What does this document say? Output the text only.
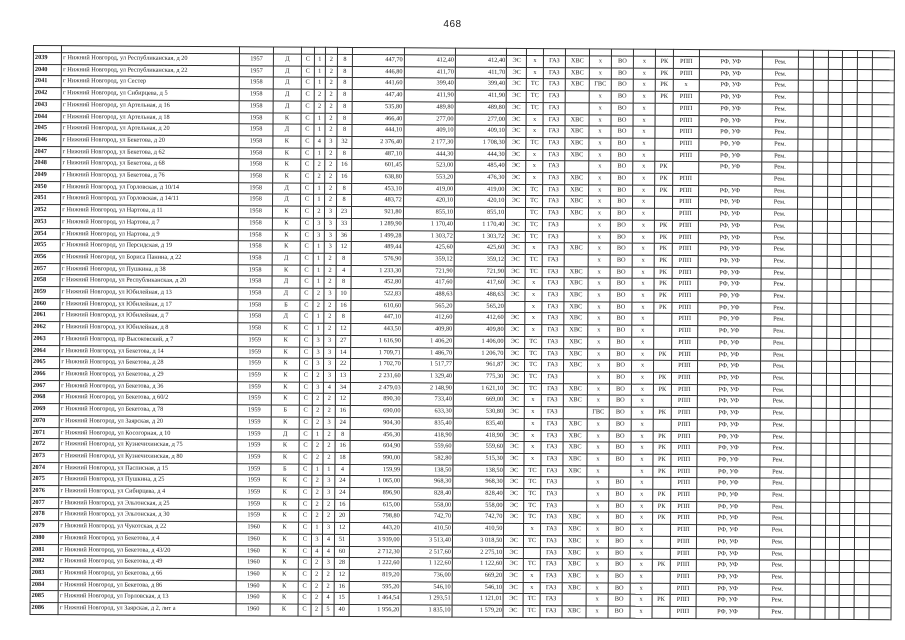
468

2039	г Нижний Новгород, ул Республиканская, д 20	1957	Д	С	1	2	8	447,70	412,40	412,40	ЭС	х	ГАЗ	ХВС	х	ВО	х	РК	РПП	РФ, УФ	Рем.						
2040	г Нижний Новгород, ул Республиканская, д 22	1957	Д	С	1	2	8	446,80	411,70	411,70	ЭС	х	ГАЗ	ХВС	х	ВО	х	РК	РПП	РФ, УФ	Рем.						
2041	г Нижний Новгород, ул Сестер	1958	Д	С	1	2	8	441,60	399,40	399,40	ЭС	ТС	ГАЗ	ХВС	ГВС	ВО	х	РК	х	РФ, УФ	Рем.						
2042	г Нижний Новгород, ул Сибирцева, д 5	1958	Д	С	2	2	8	447,40	411,90	411,90	ЭС	ТС	ГАЗ		х	ВО	х	РК	РПП	РФ, УФ	Рем.						
2043	г Нижний Новгород, ул Артельная, д 16	1958	Д	С	2	2	8	535,80	489,80	489,80	ЭС	ТС	ГАЗ		х	ВО	х		РПП	РФ, УФ	Рем.						
2044	г Нижний Новгород, ул Артельная, д 18	1958	К	С	1	2	8	466,40	277,00	277,00	ЭС	х	ГАЗ	ХВС	х	ВО	х		РПП	РФ, УФ	Рем.						
2045	г Нижний Новгород, ул Артельная, д 20	1958	Д	С	1	2	8	444,10	409,10	409,10	ЭС	х	ГАЗ	ХВС	х	ВО	х		РПП	РФ, УФ	Рем.						
2046	г Нижний Новгород, ул Бекетова, д 20	1958	К	С	4	3	32	2 376,40	2 177,30	1 708,30	ЭС	ТС	ГАЗ	ХВС	х	ВО	х		РПП	РФ, УФ	Рем.						
2047	г Нижний Новгород, ул Бекетова, д 62	1958	К	С	1	2	8	487,10	444,30	444,30	ЭС	х	ГАЗ	ХВС	х	ВО	х		РПП	РФ, УФ	Рем.						
2048	г Нижний Новгород, ул Бекетова, д 68	1958	К	С	2	2	16	601,45	523,00	485,40	ЭС	х	ГАЗ		х	ВО	х	РК		РФ, УФ	Рем.						
2049	г Нижний Новгород, ул Бекетова, д 76	1958	К	С	2	2	16	638,80	553,20	476,30	ЭС	х	ГАЗ	ХВС	х	ВО	х	РК	РПП		Рем.						
2050	г Нижний Новгород, ул Горловская, д 10/14	1958	Д	С	1	2	8	453,10	419,00	419,00	ЭС	ТС	ГАЗ	ХВС	х	ВО	х	РК	РПП	РФ, УФ	Рем.						
2051	г Нижний Новгород, ул Горловская, д 14/11	1958	Д	С	1	2	8	483,72	420,10	420,10	ЭС	ТС	ГАЗ	ХВС	х	ВО	х		РПП	РФ, УФ	Рем.						
2052	г Нижний Новгород, ул Нартова, д 11	1958	К	С	2	3	23	921,80	855,10	855,10		ТС	ГАЗ	ХВС	х	ВО	х		РПП	РФ, УФ	Рем.						
2053	г Нижний Новгород, ул Нартова, д 7	1958	К	С	3	3	33	1 289,90	1 170,40	1 170,40	ЭС	ТС	ГАЗ		х	ВО	х	РК	РПП	РФ, УФ	Рем.						
2054	г Нижний Новгород, ул Нартова, д 9	1958	К	С	3	3	36	1 499,28	1 303,72	1 303,72	ЭС	ТС	ГАЗ		х	ВО	х	РК	РПП	РФ, УФ	Рем.						
2055	г Нижний Новгород, ул Персидская, д 19	1958	К	С	1	3	12	489,44	425,60	425,60	ЭС	х	ГАЗ	ХВС	х	ВО	х	РК	РПП	РФ, УФ	Рем.						
2056	г Нижний Новгород, ул Бориса Панина, д 22	1958	Д	С	1	2	8	576,90	359,12	359,12	ЭС	ТС	ГАЗ		х	ВО	х	РК	РПП	РФ, УФ	Рем.						
2057	г Нижний Новгород, ул Пушкина, д 38	1958	К	С	1	2	4	1 233,30	721,90	721,90	ЭС	ТС	ГАЗ	ХВС	х	ВО	х	РК	РПП	РФ, УФ	Рем.						
2058	г Нижний Новгород, ул Республиканская, д 20	1958	Д	С	1	2	8	452,80	417,60	417,60	ЭС	х	ГАЗ	ХВС	х	ВО	х	РК	РПП	РФ, УФ	Рем.						
2059	г Нижний Новгород, ул Юбилейная, д 13	1958	Д	С	2	3	10	522,83	488,63	488,63	ЭС	х	ГАЗ	ХВС	х	ВО	х	РК	РПП	РФ, УФ	Рем.						
2060	г Нижний Новгород, ул Юбилейная, д 17	1958	Б	С	2	2	16	610,60	565,20	565,20		х	ГАЗ	ХВС	х	ВО	х	РК	РПП	РФ, УФ	Рем.						
2061	г Нижний Новгород, ул Юбилейная, д 7	1958	Д	С	1	2	8	447,10	412,60	412,60	ЭС	х	ГАЗ	ХВС	х	ВО	х		РПП	РФ, УФ	Рем.						
2062	г Нижний Новгород, ул Юбилейная, д 8	1958	К	С	1	2	12	443,50	409,80	409,80	ЭС	х	ГАЗ	ХВС	х	ВО	х		РПП	РФ, УФ	Рем.						
2063	г Нижний Новгород, пр Высоковский, д 7	1959	К	С	3	3	27	1 616,90	1 406,20	1 406,00	ЭС	ТС	ГАЗ	ХВС	х	ВО	х		РПП	РФ, УФ	Рем.						
2064	г Нижний Новгород, ул Бекетова, д 14	1959	К	С	3	3	14	1 709,71	1 486,70	1 206,70	ЭС	ТС	ГАЗ	ХВС	х	ВО	х	РК	РПП	РФ, УФ	Рем.						
2065	г Нижний Новгород, ул Бекетова, д 28	1959	К	С	3	3	22	1 702,70	1 517,77	961,87	ЭС	ТС	ГАЗ	ХВС	х	ВО	х		РПП	РФ, УФ	Рем.						
2066	г Нижний Новгород, ул Бекетова, д 29	1959	К	С	2	3	13	2 231,60	1 329,40	775,30	ЭС	ТС	ГАЗ		х	ВО	х	РК	РПП	РФ, УФ	Рем.						
2067	г Нижний Новгород, ул Бекетова, д 36	1959	К	С	3	4	34	2 479,03	2 148,90	1 621,10	ЭС	ТС	ГАЗ	ХВС	х	ВО	х	РК	РПП	РФ, УФ	Рем.						
2068	г Нижний Новгород, ул Бекетова, д 60/2	1959	К	С	2	2	12	890,30	733,40	669,00	ЭС	х	ГАЗ	ХВС	х	ВО	х		РПП	РФ, УФ	Рем.						
2069	г Нижний Новгород, ул Бекетова, д 78	1959	Б	С	2	2	16	690,00	633,30	530,80	ЭС	х	ГАЗ		ГВС	ВО	х	РК	РПП	РФ, УФ	Рем.						
2070	г Нижний Новгород, ул Заярская, д 20	1959	К	С	2	3	24	904,30	835,40	835,40		х	ГАЗ	ХВС	х	ВО	х		РПП	РФ, УФ	Рем.						
2071	г Нижний Новгород, ул Косогорная, д 10	1959	Д	С	1	2	8	456,30	418,90	418,90	ЭС	х	ГАЗ	ХВС	х	ВО	х	РК	РПП	РФ, УФ	Рем.						
2072	г Нижний Новгород, ул Кузнечихинская, д 75	1959	К	С	2	2	16	604,90	559,60	559,60	ЭС	х	ГАЗ	ХВС	х	ВО	х	РК	РПП	РФ, УФ	Рем.						
2073	г Нижний Новгород, ул Кузнечихинская, д 80	1959	К	С	2	2	18	990,00	582,80	515,30	ЭС	х	ГАЗ	ХВС	х	ВО	х	РК	РПП	РФ, УФ	Рем.						
2074	г Нижний Новгород, ул Пасписная, д 15	1959	Б	С	1	1	4	159,99	138,50	138,50	ЭС	ТС	ГАЗ	ХВС	х		х	РК	РПП	РФ, УФ	Рем.						
2075	г Нижний Новгород, ул Пушкина, д 25	1959	К	С	2	3	24	1 065,00	968,30	968,30	ЭС	ТС	ГАЗ		х	ВО	х		РПП	РФ, УФ	Рем.						
2076	г Нижний Новгород, ул Сибирцева, д 4	1959	К	С	2	3	24	896,90	828,40	828,40	ЭС	ТС	ГАЗ		х	ВО	х	РК	РПП	РФ, УФ	Рем.						
2077	г Нижний Новгород, ул Эльтонская, д 25	1959	К	С	2	2	16	615,00	558,00	558,00	ЭС	ТС	ГАЗ		х	ВО	х	РК	РПП	РФ, УФ	Рем.						
2078	г Нижний Новгород, ул Эльтонская, д 30	1959	К	С	2	2	20	798,80	742,70	742,70	ЭС	ТС	ГАЗ	ХВС	х	ВО	х	РК	РПП	РФ, УФ	Рем.						
2079	г Нижний Новгород, ул Чукотская, д 22	1960	К	С	1	3	12	443,20	410,50	410,50		х	ГАЗ	ХВС	х	ВО	х		РПП	РФ, УФ	Рем.						
2080	г Нижний Новгород, ул Бекетова, д 4	1960	К	С	3	4	51	3 939,00	3 513,40	3 018,50	ЭС	ТС	ГАЗ	ХВС	х	ВО	х		РПП	РФ, УФ	Рем.						
2081	г Нижний Новгород, ул Бекетова, д 43/20	1960	К	С	4	4	60	2 712,30	2 517,60	2 275,10	ЭС		ГАЗ	ХВС	х	ВО	х		РПП	РФ, УФ	Рем.						
2082	г Нижний Новгород, ул Бекетова, д 49	1960	К	С	2	3	28	1 222,60	1 122,60	1 122,60	ЭС	ТС	ГАЗ	ХВС	х	ВО	х	РК	РПП	РФ, УФ	Рем.						
2083	г Нижний Новгород, ул Бекетова, д 66	1960	К	С	2	2	12	819,20	736,00	669,20	ЭС	х	ГАЗ	ХВС	х	ВО	х		РПП	РФ, УФ	Рем.						
2084	г Нижний Новгород, ул Бекетова, д 86	1960	К	С	2	2	16	595,20	546,10	546,10	ЭС	х	ГАЗ	ХВС	х	ВО	х		РПП	РФ, УФ	Рем.						
2085	г Нижний Новгород, ул Горловская, д 13	1960	К	С	2	4	15	1 464,54	1 293,51	1 121,01	ЭС	ТС	ГАЗ		х	ВО	х	РК	РПП	РФ, УФ	Рем.						
2086	г Нижний Новгород, ул Заярская, д 2, лит а	1960	К	С	2	5	40	1 956,20	1 835,10	1 579,20	ЭС	ТС	ГАЗ	ХВС	х	ВО	х		РПП	РФ, УФ	Рем.						
